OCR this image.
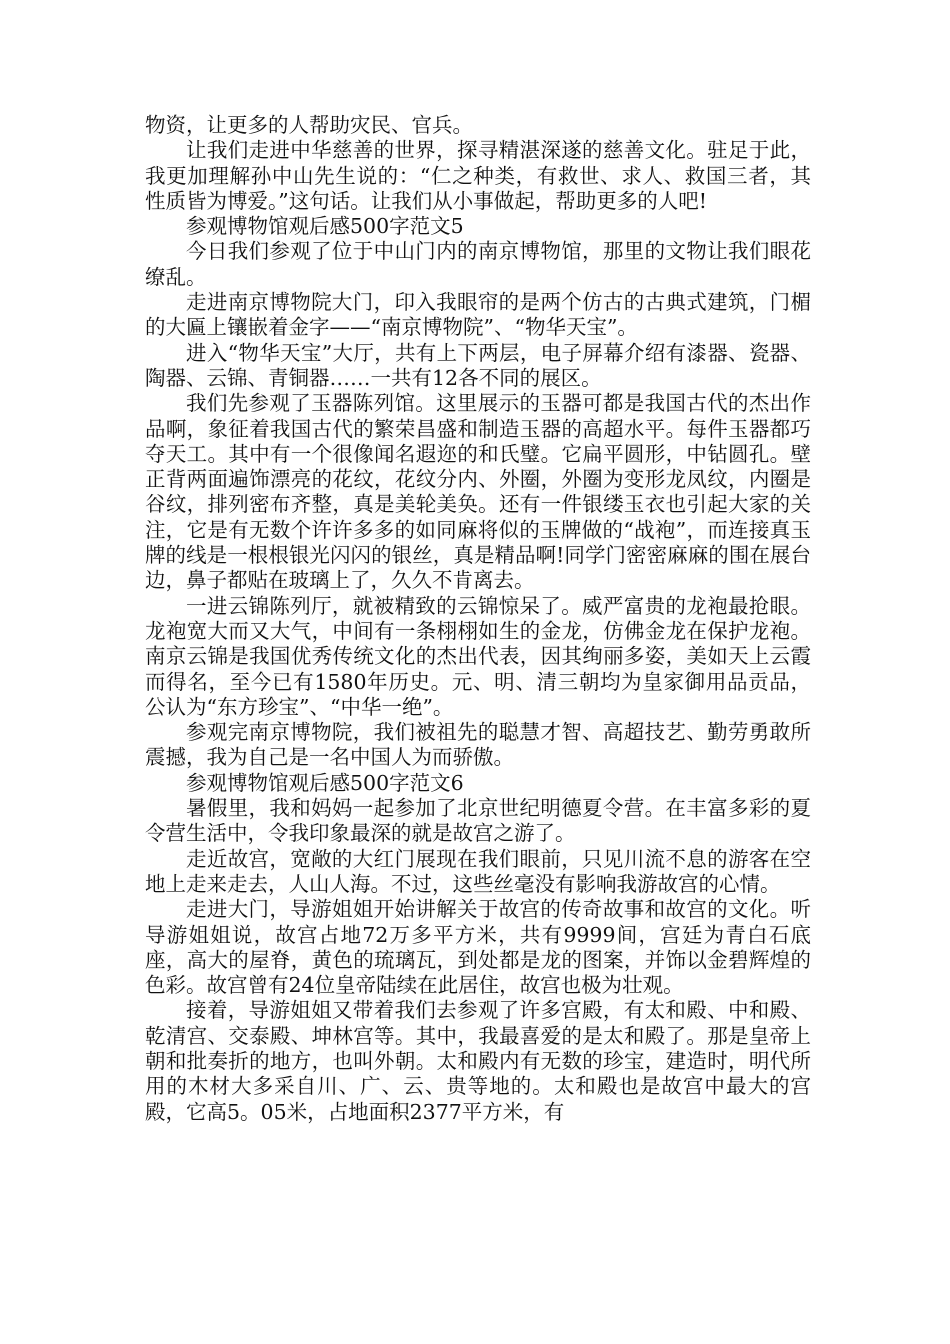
物资，让更多的人帮助灾民、官兵。

让我们走进中华慈善的世界，探寻精湛深遂的慈善文化。驻足于此，我更加理解孙中山先生说的：“仁之种类，有救世、求人、救国三者，其性质皆为博爱。”这句话。让我们从小事做起，帮助更多的人吧!

参观博物馆观后感500字范文5

今日我们参观了位于中山门内的南京博物馆，那里的文物让我们眼花缭乱。

走进南京博物院大门，印入我眼帘的是两个仿古的古典式建筑，门楣的大匾上镶嵌着金字——“南京博物院”、“物华天宝”。

进入“物华天宝”大厅，共有上下两层，电子屏幕介绍有漆器、瓷器、陶器、云锦、青铜器……一共有12各不同的展区。

我们先参观了玉器陈列馆。这里展示的玉器可都是我国古代的杰出作品啊，象征着我国古代的繁荣昌盛和制造玉器的高超水平。每件玉器都巧夺天工。其中有一个很像闻名遐迩的和氏璧。它扁平圆形，中钻圆孔。壁正背两面遍饰漂亮的花纹，花纹分内、外圈，外圈为变形龙凤纹，内圈是谷纹，排列密布齐整，真是美轮美奂。还有一件银缕玉衣也引起大家的关注，它是有无数个许许多多的如同麻将似的玉牌做的“战袍”，而连接真玉牌的线是一根根银光闪闪的银丝，真是精品啊!同学门密密麻麻的围在展台边，鼻子都贴在玻璃上了，久久不肯离去。

一进云锦陈列厅，就被精致的云锦惊呆了。威严富贵的龙袍最抢眼。龙袍宽大而又大气，中间有一条栩栩如生的金龙，仿佛金龙在保护龙袍。南京云锦是我国优秀传统文化的杰出代表，因其绚丽多姿，美如天上云霞而得名，至今已有1580年历史。元、明、清三朝均为皇家御用品贡品，公认为“东方珍宝”、“中华一绝”。

参观完南京博物院，我们被祖先的聪慧才智、高超技艺、勤劳勇敢所震撼，我为自己是一名中国人为而骄傲。

参观博物馆观后感500字范文6

暑假里，我和妈妈一起参加了北京世纪明德夏令营。在丰富多彩的夏令营生活中，令我印象最深的就是故宫之游了。

走近故宫，宽敞的大红门展现在我们眼前，只见川流不息的游客在空地上走来走去，人山人海。不过，这些丝毫没有影响我游故宫的心情。

走进大门，导游姐姐开始讲解关于故宫的传奇故事和故宫的文化。听导游姐姐说，故宫占地72万多平方米，共有9999间，宫廷为青白石底座，高大的屋脊，黄色的琉璃瓦，到处都是龙的图案，并饰以金碧辉煌的色彩。故宫曾有24位皇帝陆续在此居住，故宫也极为壮观。

接着，导游姐姐又带着我们去参观了许多宫殿，有太和殿、中和殿、乾清宫、交泰殿、坤林宫等。其中，我最喜爱的是太和殿了。那是皇帝上朝和批奏折的地方，也叫外朝。太和殿内有无数的珍宝，建造时，明代所用的木材大多采自川、广、云、贵等地的。太和殿也是故宫中最大的宫殿，它高5。05米，占地面积2377平方米，有
